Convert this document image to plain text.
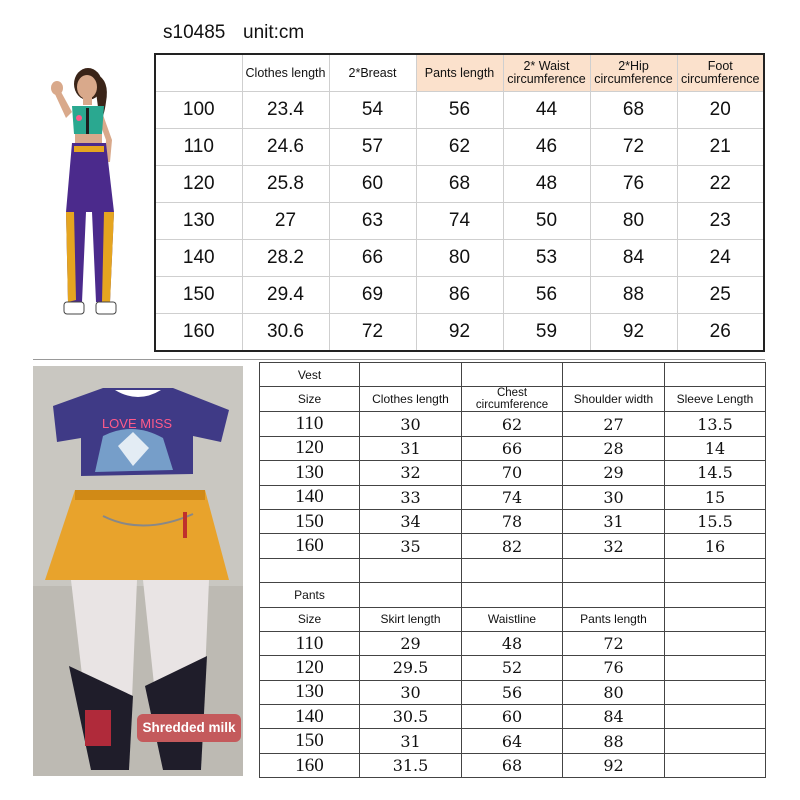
s10485 unit:cm
	Clothes length	2*Breast	Pants length	2* Waist circumference	2*Hip circumference	Foot circumference
100	23.4	54	56	44	68	20
110	24.6	57	62	46	72	21
120	25.8	60	68	48	76	22
130	27	63	74	50	80	23
140	28.2	66	80	53	84	24
150	29.4	69	86	56	88	25
160	30.6	72	92	59	92	26
LOVE MISS
Shredded milk
Vest				
Size	Clothes length	Chest circumference	Shoulder width	Sleeve Length
110	30	62	27	13.5
120	31	66	28	14
130	32	70	29	14.5
140	33	74	30	15
150	34	78	31	15.5
160	35	82	32	16

Pants				
Size	Skirt length	Waistline	Pants length	
110	29	48	72	
120	29.5	52	76	
130	30	56	80	
140	30.5	60	84	
150	31	64	88	
160	31.5	68	92	
